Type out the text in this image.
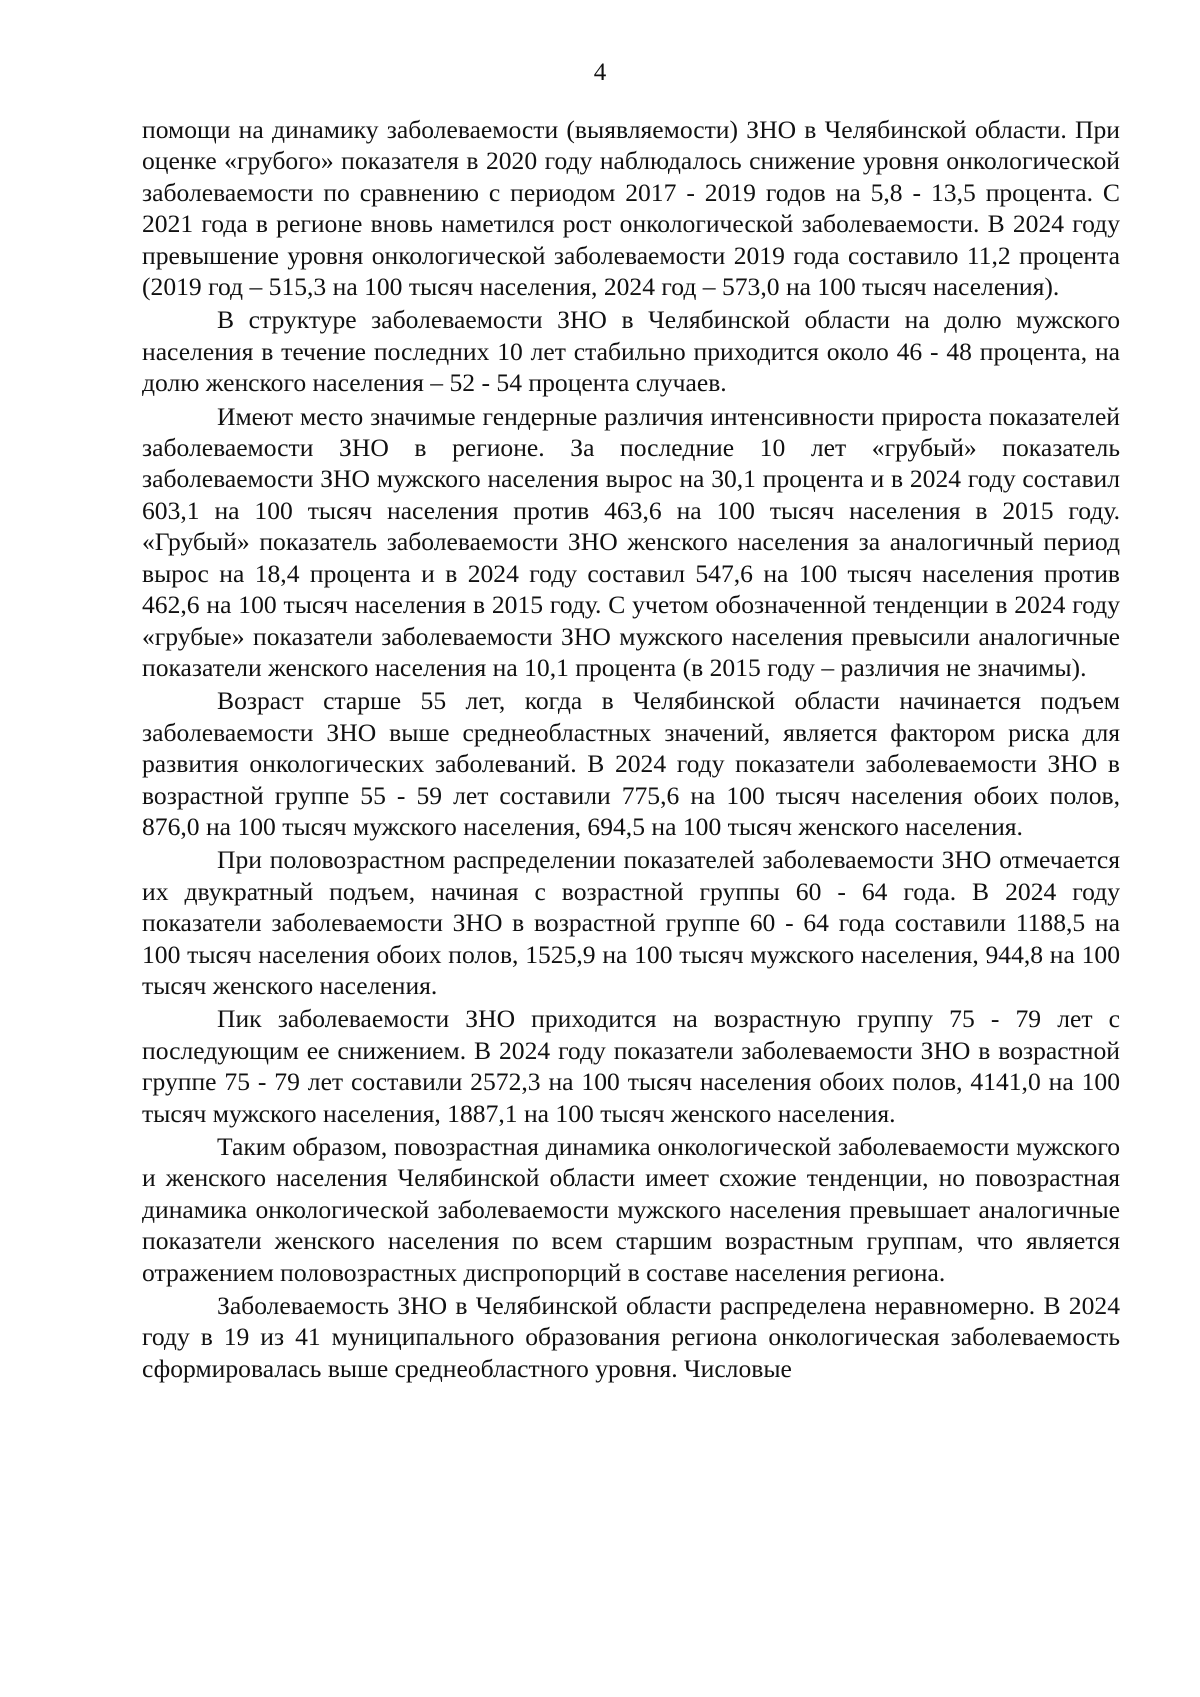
4

помощи на динамику заболеваемости (выявляемости) ЗНО в Челябинской области. При оценке «грубого» показателя в 2020 году наблюдалось снижение уровня онкологической заболеваемости по сравнению с периодом 2017 - 2019 годов на 5,8 - 13,5 процента. С 2021 года в регионе вновь наметился рост онкологической заболеваемости. В 2024 году превышение уровня онкологической заболеваемости 2019 года составило 11,2 процента (2019 год – 515,3 на 100 тысяч населения, 2024 год – 573,0 на 100 тысяч населения).

В структуре заболеваемости ЗНО в Челябинской области на долю мужского населения в течение последних 10 лет стабильно приходится около 46 - 48 процента, на долю женского населения – 52 - 54 процента случаев.

Имеют место значимые гендерные различия интенсивности прироста показателей заболеваемости ЗНО в регионе. За последние 10 лет «грубый» показатель заболеваемости ЗНО мужского населения вырос на 30,1 процента и в 2024 году составил 603,1 на 100 тысяч населения против 463,6 на 100 тысяч населения в 2015 году. «Грубый» показатель заболеваемости ЗНО женского населения за аналогичный период вырос на 18,4 процента и в 2024 году составил 547,6 на 100 тысяч населения против 462,6 на 100 тысяч населения в 2015 году. С учетом обозначенной тенденции в 2024 году «грубые» показатели заболеваемости ЗНО мужского населения превысили аналогичные показатели женского населения на 10,1 процента (в 2015 году – различия не значимы).

Возраст старше 55 лет, когда в Челябинской области начинается подъем заболеваемости ЗНО выше среднеобластных значений, является фактором риска для развития онкологических заболеваний. В 2024 году показатели заболеваемости ЗНО в возрастной группе 55 - 59 лет составили 775,6 на 100 тысяч населения обоих полов, 876,0 на 100 тысяч мужского населения, 694,5 на 100 тысяч женского населения.

При половозрастном распределении показателей заболеваемости ЗНО отмечается их двукратный подъем, начиная с возрастной группы 60 - 64 года. В 2024 году показатели заболеваемости ЗНО в возрастной группе 60 - 64 года составили 1188,5 на 100 тысяч населения обоих полов, 1525,9 на 100 тысяч мужского населения, 944,8 на 100 тысяч женского населения.

Пик заболеваемости ЗНО приходится на возрастную группу 75 - 79 лет с последующим ее снижением. В 2024 году показатели заболеваемости ЗНО в возрастной группе 75 - 79 лет составили 2572,3 на 100 тысяч населения обоих полов, 4141,0 на 100 тысяч мужского населения, 1887,1 на 100 тысяч женского населения.

Таким образом, повозрастная динамика онкологической заболеваемости мужского и женского населения Челябинской области имеет схожие тенденции, но повозрастная динамика онкологической заболеваемости мужского населения превышает аналогичные показатели женского населения по всем старшим возрастным группам, что является отражением половозрастных диспропорций в составе населения региона.

Заболеваемость ЗНО в Челябинской области распределена неравномерно. В 2024 году в 19 из 41 муниципального образования региона онкологическая заболеваемость сформировалась выше среднеобластного уровня. Числовые
